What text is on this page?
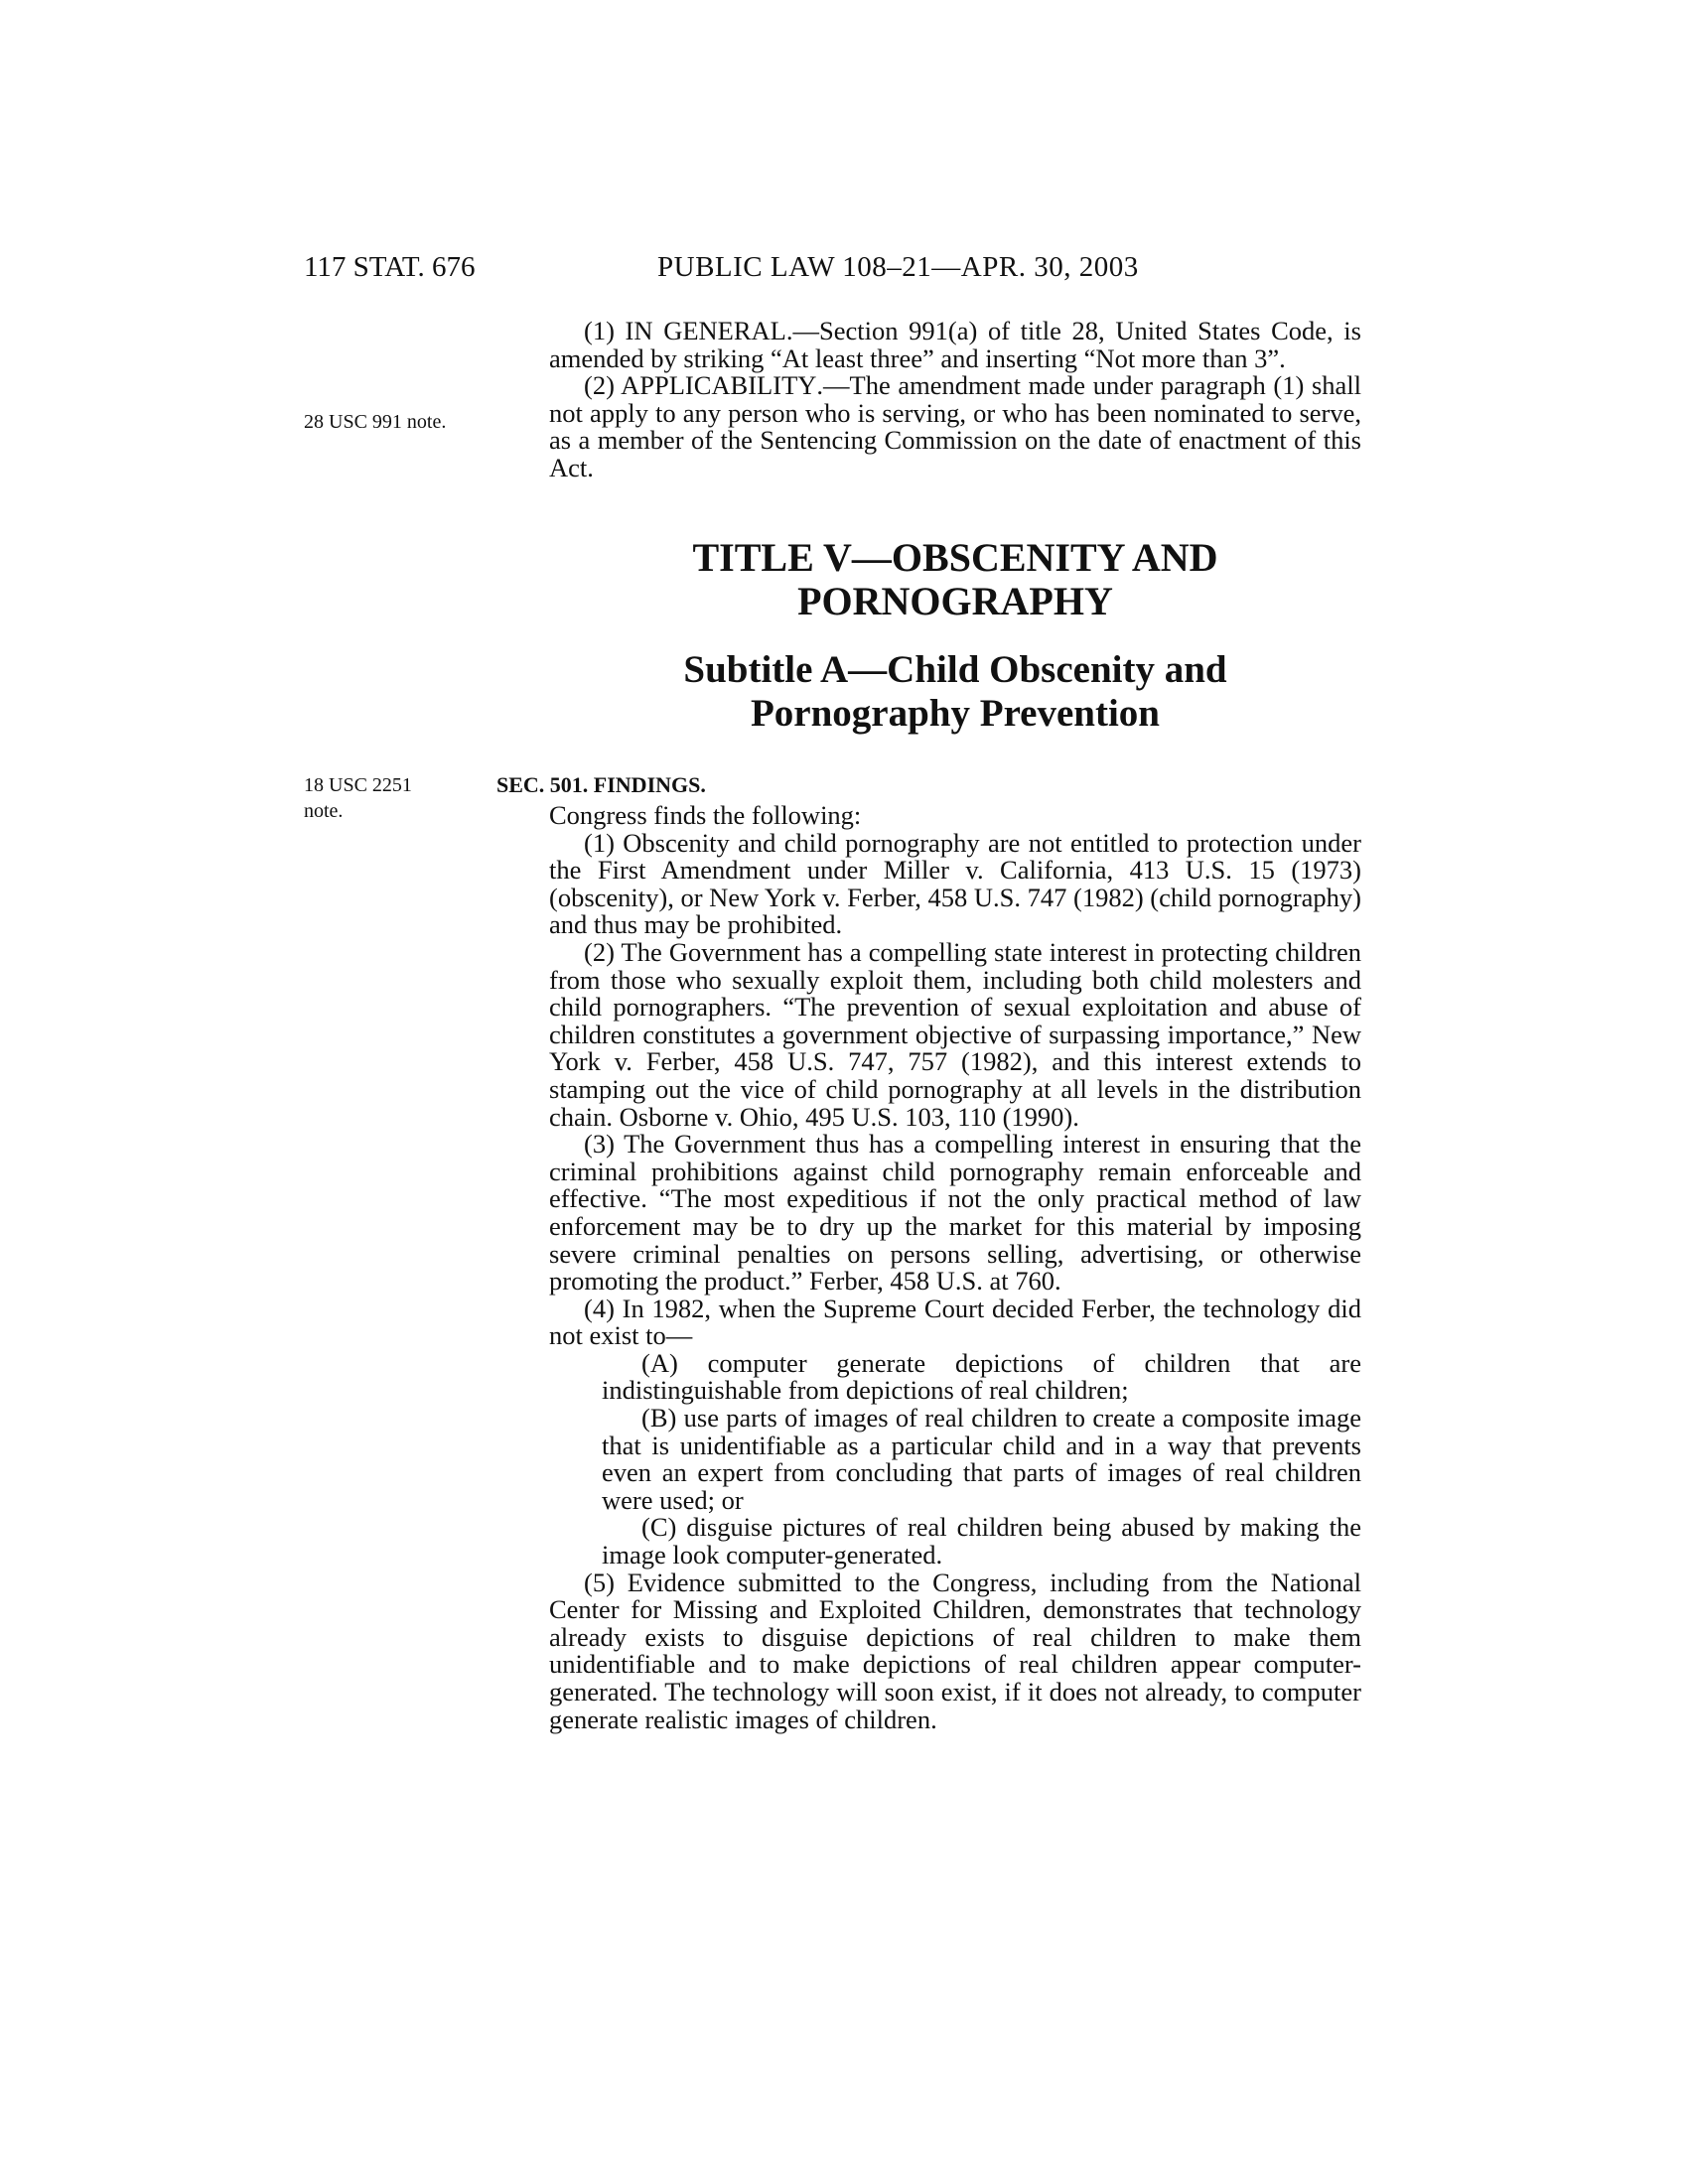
117 STAT. 676	PUBLIC LAW 108–21—APR. 30, 2003
28 USC 991 note.

(1) IN GENERAL.—Section 991(a) of title 28, United States Code, is amended by striking “At least three” and inserting “Not more than 3”.

(2) APPLICABILITY.—The amendment made under paragraph (1) shall not apply to any person who is serving, or who has been nominated to serve, as a member of the Sentencing Commission on the date of enactment of this Act.

TITLE V—OBSCENITY AND
PORNOGRAPHY
Subtitle A—Child Obscenity and
Pornography Prevention
18 USC 2251
note.
SEC. 501. FINDINGS.

Congress finds the following:

(1) Obscenity and child pornography are not entitled to protection under the First Amendment under Miller v. California, 413 U.S. 15 (1973) (obscenity), or New York v. Ferber, 458 U.S. 747 (1982) (child pornography) and thus may be prohibited.

(2) The Government has a compelling state interest in protecting children from those who sexually exploit them, including both child molesters and child pornographers. “The prevention of sexual exploitation and abuse of children constitutes a government objective of surpassing importance,” New York v. Ferber, 458 U.S. 747, 757 (1982), and this interest extends to stamping out the vice of child pornography at all levels in the distribution chain. Osborne v. Ohio, 495 U.S. 103, 110 (1990).

(3) The Government thus has a compelling interest in ensuring that the criminal prohibitions against child pornography remain enforceable and effective. “The most expeditious if not the only practical method of law enforcement may be to dry up the market for this material by imposing severe criminal penalties on persons selling, advertising, or otherwise promoting the product.” Ferber, 458 U.S. at 760.

(4) In 1982, when the Supreme Court decided Ferber, the technology did not exist to—

(A) computer generate depictions of children that are indistinguishable from depictions of real children;

(B) use parts of images of real children to create a composite image that is unidentifiable as a particular child and in a way that prevents even an expert from concluding that parts of images of real children were used; or

(C) disguise pictures of real children being abused by making the image look computer-generated.

(5) Evidence submitted to the Congress, including from the National Center for Missing and Exploited Children, demonstrates that technology already exists to disguise depictions of real children to make them unidentifiable and to make depictions of real children appear computer-generated. The technology will soon exist, if it does not already, to computer generate realistic images of children.
